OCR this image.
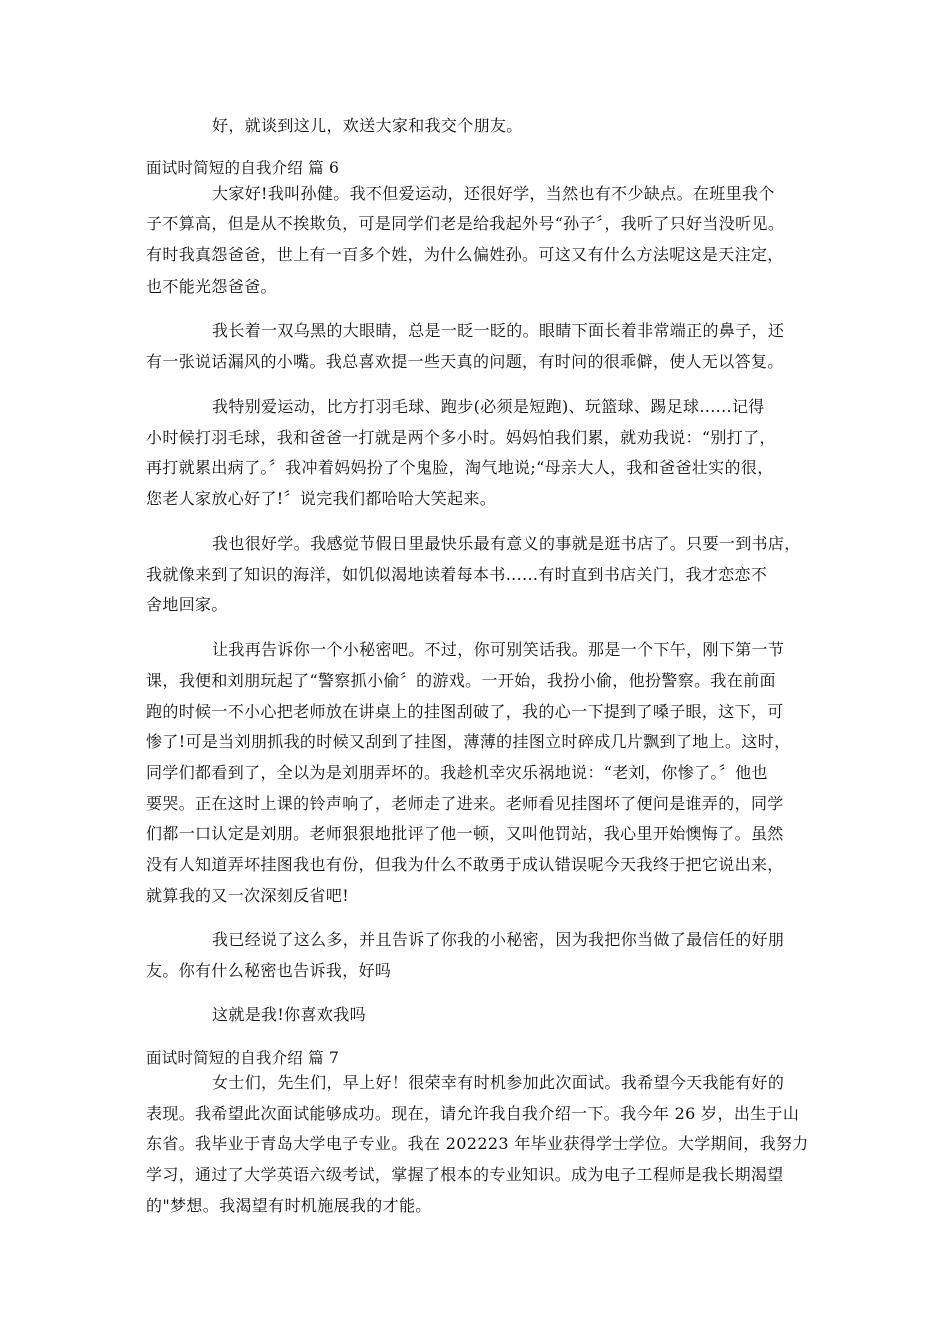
好，就谈到这儿，欢送大家和我交个朋友。
面试时简短的自我介绍 篇 6
大家好!我叫孙健。我不但爱运动，还很好学，当然也有不少缺点。在班里我个
子不算高，但是从不挨欺负，可是同学们老是给我起外号“孙子〞，我听了只好当没听见。
有时我真怨爸爸，世上有一百多个姓，为什么偏姓孙。可这又有什么方法呢这是天注定，
也不能光怨爸爸。
我长着一双乌黑的大眼睛，总是一眨一眨的。眼睛下面长着非常端正的鼻子，还
有一张说话漏风的小嘴。我总喜欢提一些天真的问题，有时问的很乖僻，使人无以答复。
我特别爱运动，比方打羽毛球、跑步(必须是短跑)、玩篮球、踢足球......记得
小时候打羽毛球，我和爸爸一打就是两个多小时。妈妈怕我们累，就劝我说：“别打了，
再打就累出病了。〞我冲着妈妈扮了个鬼脸，淘气地说;“母亲大人，我和爸爸壮实的很，
您老人家放心好了!〞说完我们都哈哈大笑起来。
我也很好学。我感觉节假日里最快乐最有意义的事就是逛书店了。只要一到书店，
我就像来到了知识的海洋，如饥似渴地读着每本书......有时直到书店关门，我才恋恋不
舍地回家。
让我再告诉你一个小秘密吧。不过，你可别笑话我。那是一个下午，刚下第一节
课，我便和刘朋玩起了“警察抓小偷〞的游戏。一开始，我扮小偷，他扮警察。我在前面
跑的时候一不小心把老师放在讲桌上的挂图刮破了，我的心一下提到了嗓子眼，这下，可
惨了!可是当刘朋抓我的时候又刮到了挂图，薄薄的挂图立时碎成几片飘到了地上。这时，
同学们都看到了，全以为是刘朋弄坏的。我趁机幸灾乐祸地说：“老刘，你惨了。〞他也
要哭。正在这时上课的铃声响了，老师走了进来。老师看见挂图坏了便问是谁弄的，同学
们都一口认定是刘朋。老师狠狠地批评了他一顿，又叫他罚站，我心里开始懊悔了。虽然
没有人知道弄坏挂图我也有份，但我为什么不敢勇于成认错误呢今天我终于把它说出来，
就算我的又一次深刻反省吧!
我已经说了这么多，并且告诉了你我的小秘密，因为我把你当做了最信任的好朋
友。你有什么秘密也告诉我，好吗
这就是我!你喜欢我吗
面试时简短的自我介绍 篇 7
女士们，先生们，早上好！很荣幸有时机参加此次面试。我希望今天我能有好的
表现。我希望此次面试能够成功。现在，请允许我自我介绍一下。我今年 26 岁，出生于山
东省。我毕业于青岛大学电子专业。我在 202223 年毕业获得学士学位。大学期间，我努力
学习，通过了大学英语六级考试，掌握了根本的专业知识。成为电子工程师是我长期渴望
的"梦想。我渴望有时机施展我的才能。
